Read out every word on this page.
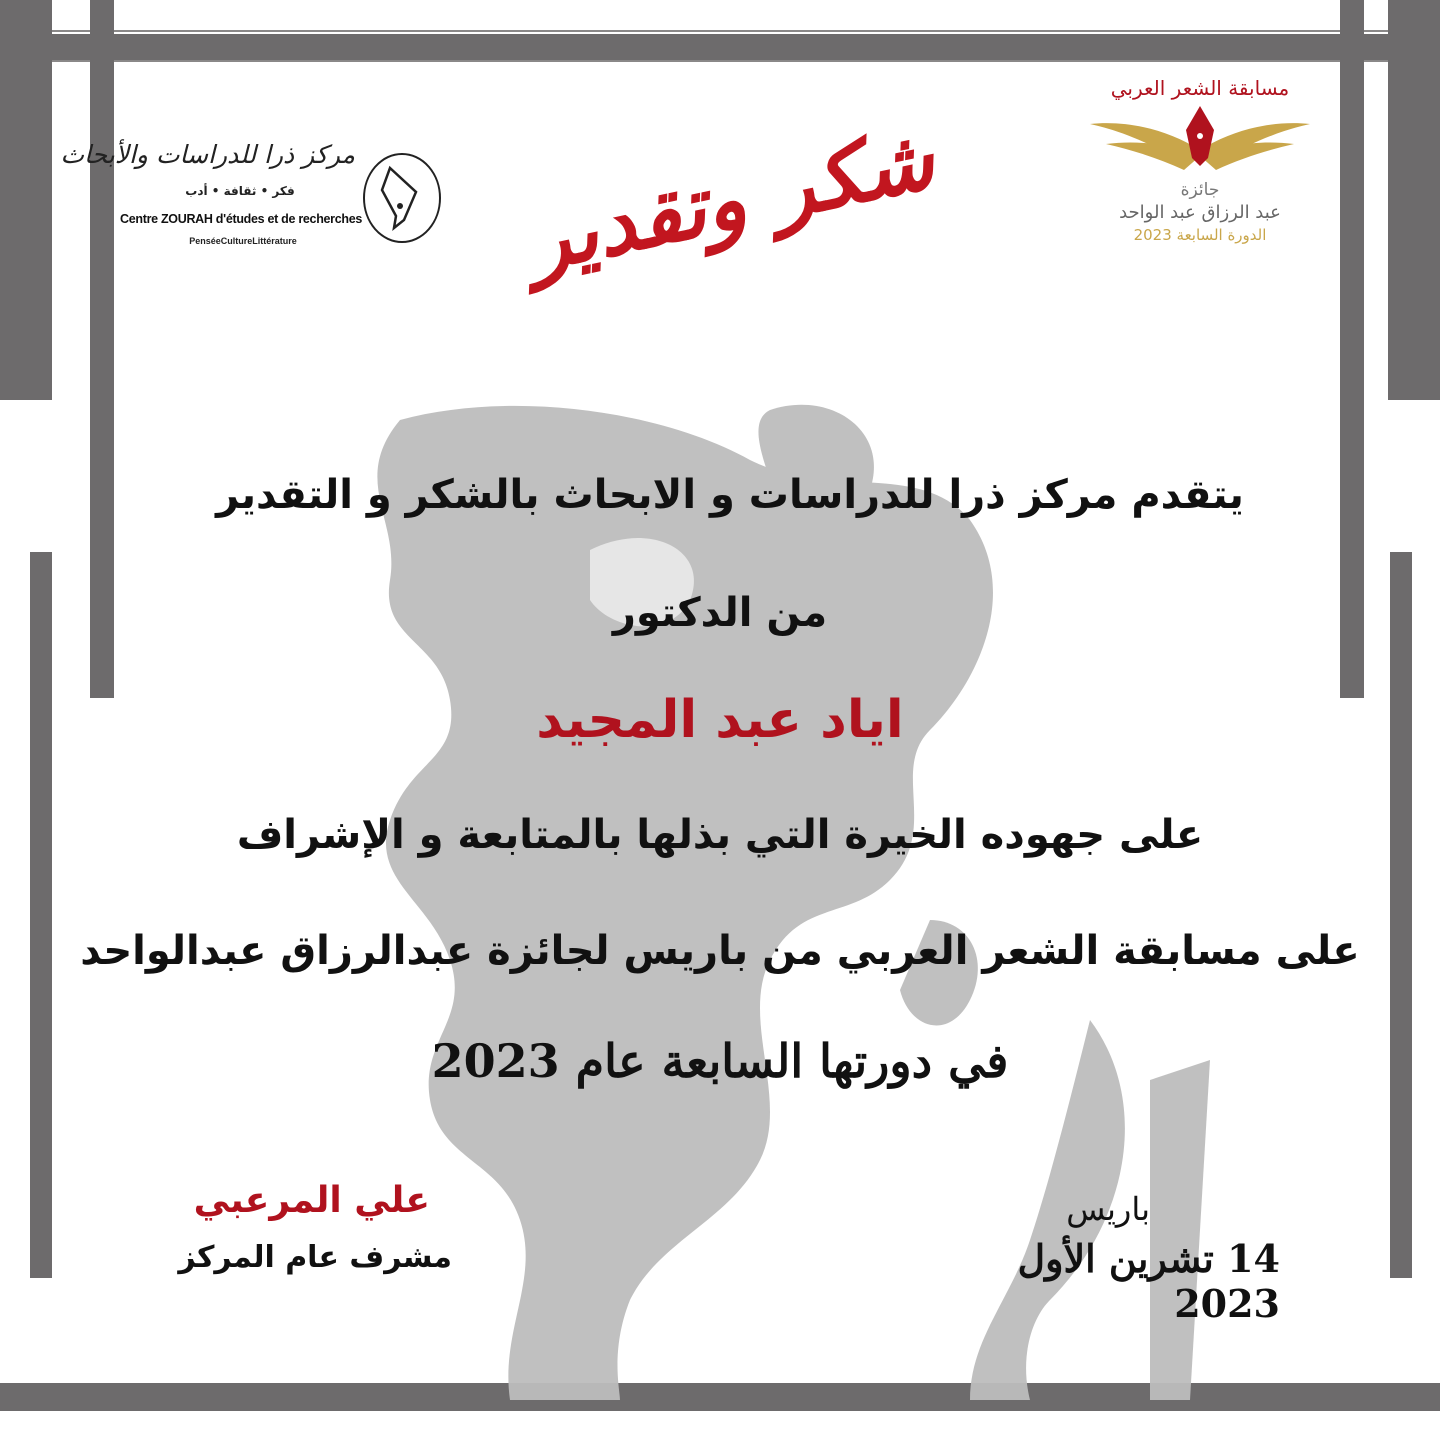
مركز ذرا للدراسات والأبحاث
فكر • ثقافة • أدب
Centre ZOURAH d'études et de recherches
PenséeCultureLittérature	شكر وتقدير
مسابقة الشعر العربي
جائزة
عبد الرزاق عبد الواحد
الدورة السابعة 2023
يتقدم مركز ذرا للدراسات و الابحاث بالشكر و التقدير
من الدكتور
اياد عبد المجيد
على جهوده الخيرة التي بذلها بالمتابعة و الإشراف
على مسابقة الشعر العربي من باريس لجائزة عبدالرزاق عبدالواحد
في دورتها السابعة عام 2023
باريس
14 تشرين الأول 2023
علي المرعبي
مشرف عام المركز
